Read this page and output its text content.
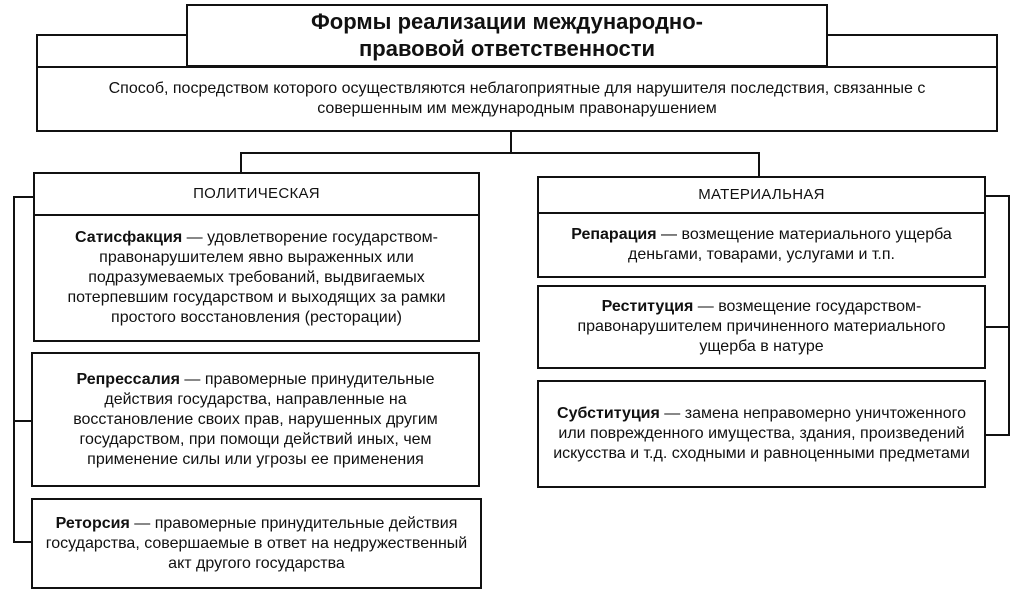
Формы реализации международно-правовой ответственности
Способ, посредством которого осуществляются неблагоприятные для нарушителя последствия, связанные с совершенным им международным правонарушением
ПОЛИТИЧЕСКАЯ
Сатисфакция — удовлетворение государством-правонарушителем явно выраженных или подразумеваемых требований, выдвигаемых потерпевшим государством и выходящих за рамки простого восстановления (ресторации)
Репрессалия — правомерные принудительные действия государства, направленные на восстановление своих прав, нарушенных другим государством, при помощи действий иных, чем применение силы или угрозы ее применения
Реторсия — правомерные принудительные действия государства, совершаемые в ответ на недружественный акт другого государства
МАТЕРИАЛЬНАЯ
Репарация — возмещение материального ущерба деньгами, товарами, услугами и т.п.
Реституция — возмещение государством-правонарушителем причиненного материального ущерба в натуре
Субституция — замена неправомерно уничтоженного или поврежденного имущества, здания, произведений искусства и т.д. сходными и равноценными предметами
